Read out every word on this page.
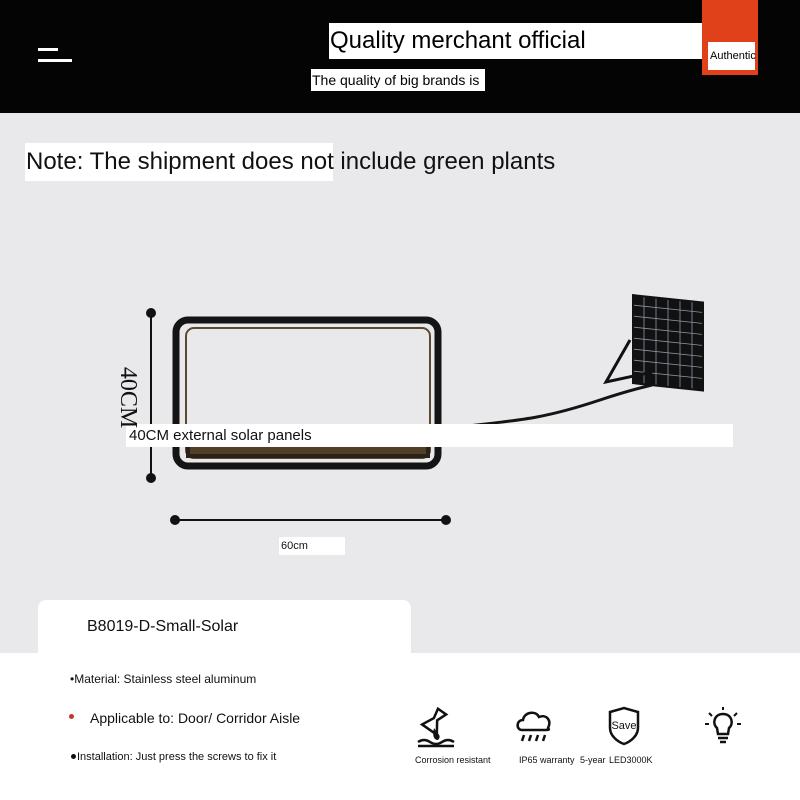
Quality merchant official
Authentic
The quality of big brands is
Note: The shipment does not include green plants
40CM external solar panels
40CM
60cm
B8019-D-Small-Solar
•Material: Stainless steel aluminum
Applicable to: Door/ Corridor Aisle
Installation: Just press the screws to fix it	Corrosion resistant	IP65 warranty
Save
5-year LED3000K
